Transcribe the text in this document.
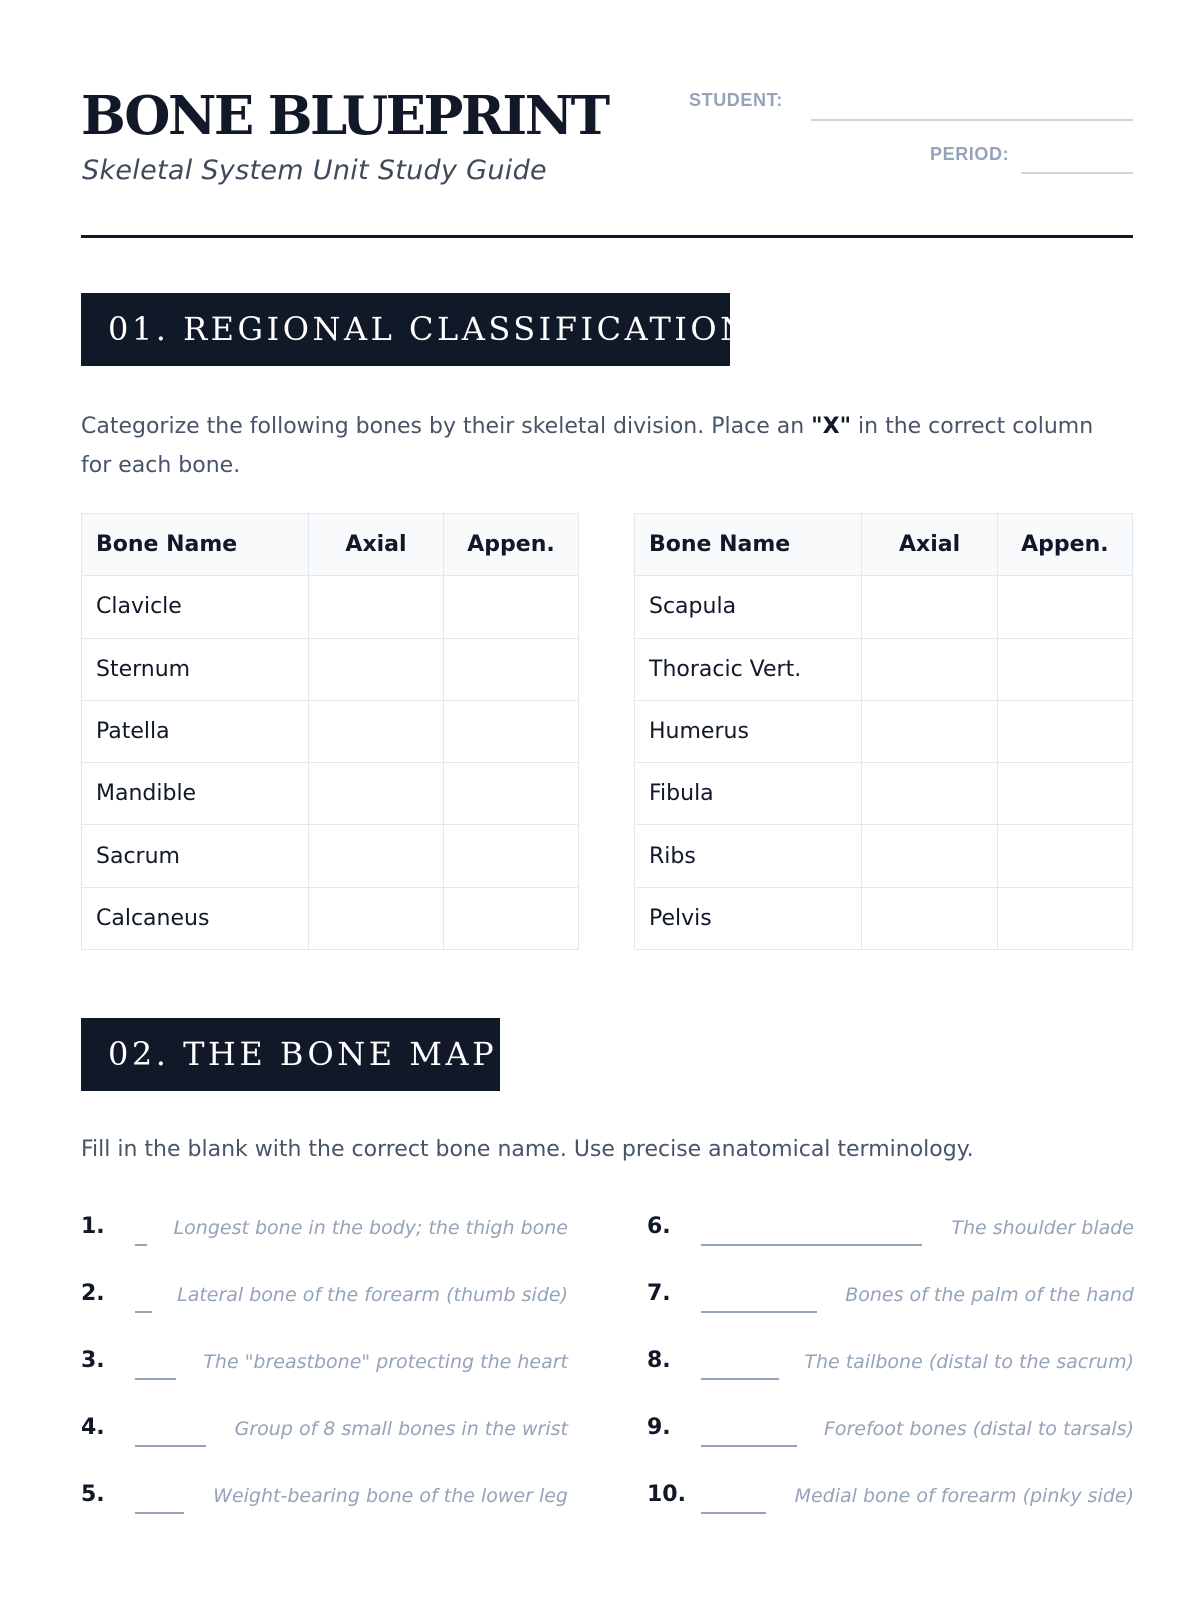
BONE BLUEPRINT
Skeletal System Unit Study Guide
STUDENT:
PERIOD:
01. REGIONAL CLASSIFICATION
Categorize the following bones by their skeletal division. Place an "X" in the correct column for each bone.
Bone Name	Axial	Appen.
Clavicle		
Sternum		
Patella		
Mandible		
Sacrum		
Calcaneus		
Bone Name	Axial	Appen.
Scapula		
Thoracic Vert.		
Humerus		
Fibula		
Ribs		
Pelvis		
02. THE BONE MAP
Fill in the blank with the correct bone name. Use precise anatomical terminology.
1.	Longest bone in the body; the thigh bone
2.	Lateral bone of the forearm (thumb side)
3.	The "breastbone" protecting the heart
4.	Group of 8 small bones in the wrist
5.	Weight-bearing bone of the lower leg
6.	The shoulder blade
7.	Bones of the palm of the hand
8.	The tailbone (distal to the sacrum)
9.	Forefoot bones (distal to tarsals)
10.	Medial bone of forearm (pinky side)
